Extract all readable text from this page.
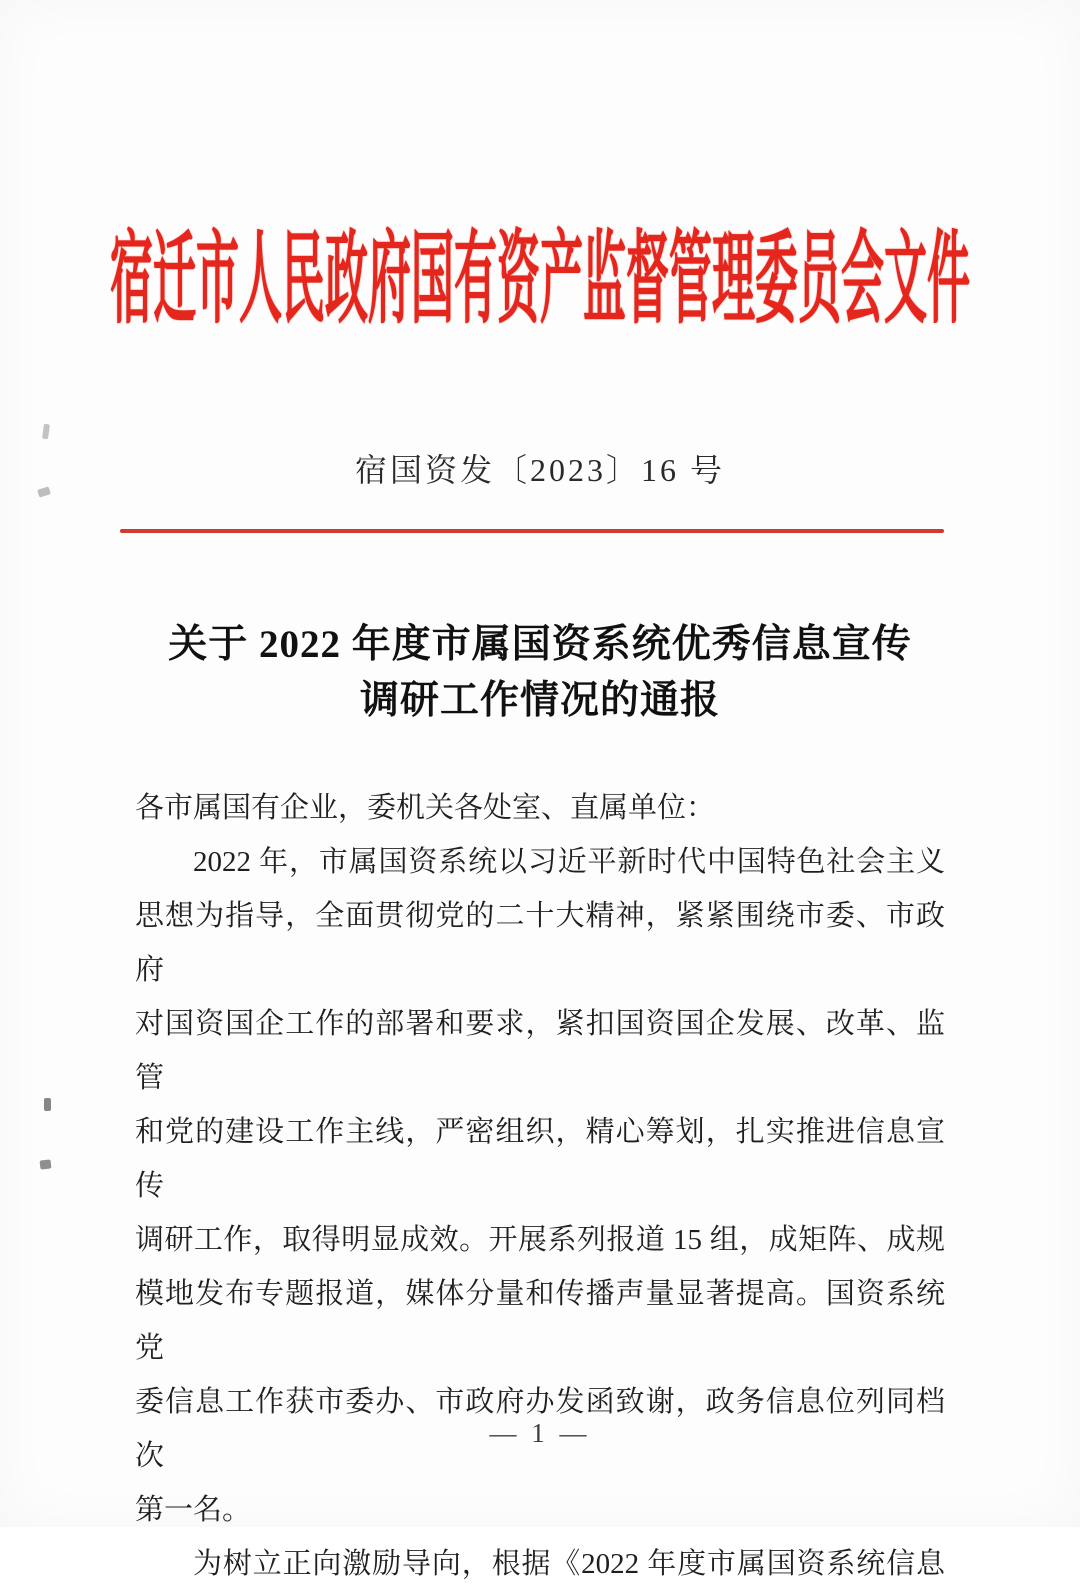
宿迁市人民政府国有资产监督管理委员会文件
宿国资发〔2023〕16 号
关于 2022 年度市属国资系统优秀信息宣传
调研工作情况的通报
各市属国有企业，委机关各处室、直属单位：
2022 年，市属国资系统以习近平新时代中国特色社会主义
思想为指导，全面贯彻党的二十大精神，紧紧围绕市委、市政府
对国资国企工作的部署和要求，紧扣国资国企发展、改革、监管
和党的建设工作主线，严密组织，精心筹划，扎实推进信息宣传
调研工作，取得明显成效。开展系列报道 15 组，成矩阵、成规
模地发布专题报道，媒体分量和传播声量显著提高。国资系统党
委信息工作获市委办、市政府办发函致谢，政务信息位列同档次
第一名。
为树立正向激励导向，根据《2022 年度市属国资系统信息
— 1 —
